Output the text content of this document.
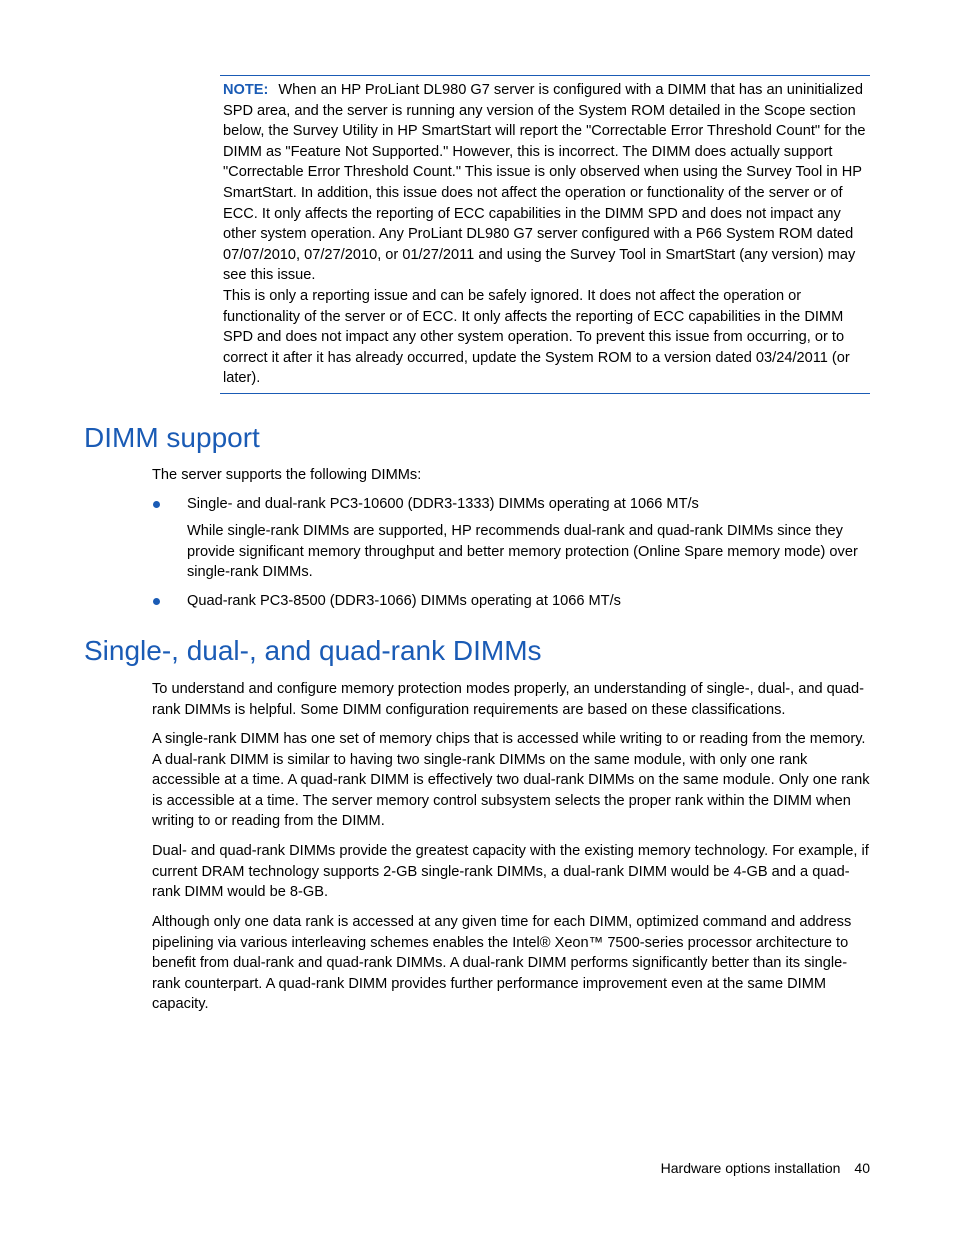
NOTE: When an HP ProLiant DL980 G7 server is configured with a DIMM that has an uninitialized SPD area, and the server is running any version of the System ROM detailed in the Scope section below, the Survey Utility in HP SmartStart will report the "Correctable Error Threshold Count" for the DIMM as "Feature Not Supported." However, this is incorrect. The DIMM does actually support "Correctable Error Threshold Count." This issue is only observed when using the Survey Tool in HP SmartStart. In addition, this issue does not affect the operation or functionality of the server or of ECC. It only affects the reporting of ECC capabilities in the DIMM SPD and does not impact any other system operation. Any ProLiant DL980 G7 server configured with a P66 System ROM dated 07/07/2010, 07/27/2010, or 01/27/2011 and using the Survey Tool in SmartStart (any version) may see this issue.

This is only a reporting issue and can be safely ignored. It does not affect the operation or functionality of the server or of ECC. It only affects the reporting of ECC capabilities in the DIMM SPD and does not impact any other system operation. To prevent this issue from occurring, or to correct it after it has already occurred, update the System ROM to a version dated 03/24/2011 (or later).

DIMM support

The server supports the following DIMMs:

Single- and dual-rank PC3-10600 (DDR3-1333) DIMMs operating at 1066 MT/s

While single-rank DIMMs are supported, HP recommends dual-rank and quad-rank DIMMs since they provide significant memory throughput and better memory protection (Online Spare memory mode) over single-rank DIMMs.

Quad-rank PC3-8500 (DDR3-1066) DIMMs operating at 1066 MT/s

Single-, dual-, and quad-rank DIMMs

To understand and configure memory protection modes properly, an understanding of single-, dual-, and quad-rank DIMMs is helpful. Some DIMM configuration requirements are based on these classifications.

A single-rank DIMM has one set of memory chips that is accessed while writing to or reading from the memory. A dual-rank DIMM is similar to having two single-rank DIMMs on the same module, with only one rank accessible at a time. A quad-rank DIMM is effectively two dual-rank DIMMs on the same module. Only one rank is accessible at a time. The server memory control subsystem selects the proper rank within the DIMM when writing to or reading from the DIMM.

Dual- and quad-rank DIMMs provide the greatest capacity with the existing memory technology. For example, if current DRAM technology supports 2-GB single-rank DIMMs, a dual-rank DIMM would be 4-GB and a quad-rank DIMM would be 8-GB.

Although only one data rank is accessed at any given time for each DIMM, optimized command and address pipelining via various interleaving schemes enables the Intel® Xeon™ 7500-series processor architecture to benefit from dual-rank and quad-rank DIMMs. A dual-rank DIMM performs significantly better than its single-rank counterpart. A quad-rank DIMM provides further performance improvement even at the same DIMM capacity.

Hardware options installation 40
